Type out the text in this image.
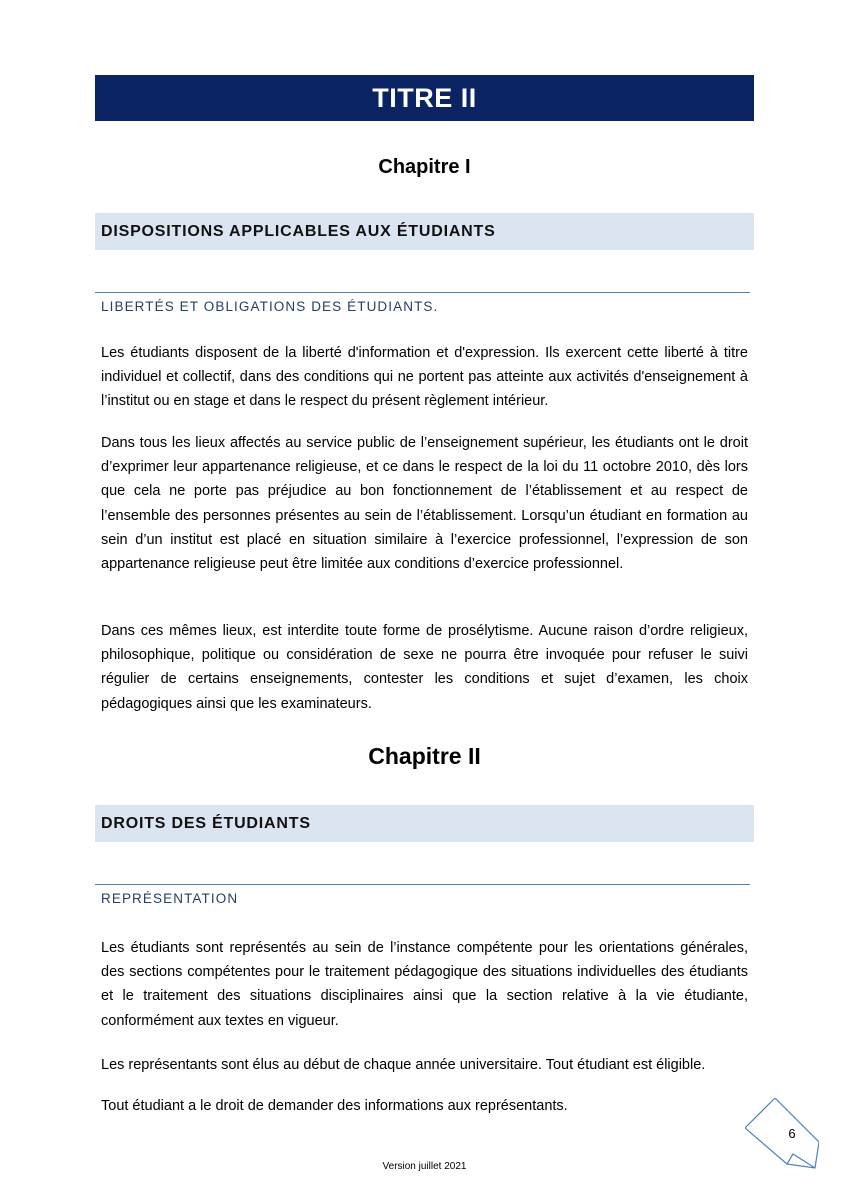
TITRE II
Chapitre I
DISPOSITIONS APPLICABLES AUX ÉTUDIANTS
LIBERTÉS ET OBLIGATIONS DES ÉTUDIANTS.

Les étudiants disposent de la liberté d'information et d'expression. Ils exercent cette liberté à titre individuel et collectif, dans des conditions qui ne portent pas atteinte aux activités d'enseignement à l’institut ou en stage et dans le respect du présent règlement intérieur.

Dans tous les lieux affectés au service public de l’enseignement supérieur, les étudiants ont le droit d’exprimer leur appartenance religieuse, et ce dans le respect de la loi du 11 octobre 2010, dès lors que cela ne porte pas préjudice au bon fonctionnement de l’établissement et au respect de l’ensemble des personnes présentes au sein de l’établissement. Lorsqu’un étudiant en formation au sein d’un institut est placé en situation similaire à l’exercice professionnel, l’expression de son appartenance religieuse peut être limitée aux conditions d’exercice professionnel.

Dans ces mêmes lieux, est interdite toute forme de prosélytisme. Aucune raison d’ordre religieux, philosophique, politique ou considération de sexe ne pourra être invoquée pour refuser le suivi régulier de certains enseignements, contester les conditions et sujet d’examen, les choix pédagogiques ainsi que les examinateurs.

Chapitre II
DROITS DES ÉTUDIANTS
REPRÉSENTATION

Les étudiants sont représentés au sein de l’instance compétente pour les orientations générales, des sections compétentes pour le traitement pédagogique des situations individuelles des étudiants et le traitement des situations disciplinaires ainsi que la section relative à la vie étudiante, conformément aux textes en vigueur.

Les représentants sont élus au début de chaque année universitaire. Tout étudiant est éligible.

Tout étudiant a le droit de demander des informations aux représentants.

6
Version juillet 2021
